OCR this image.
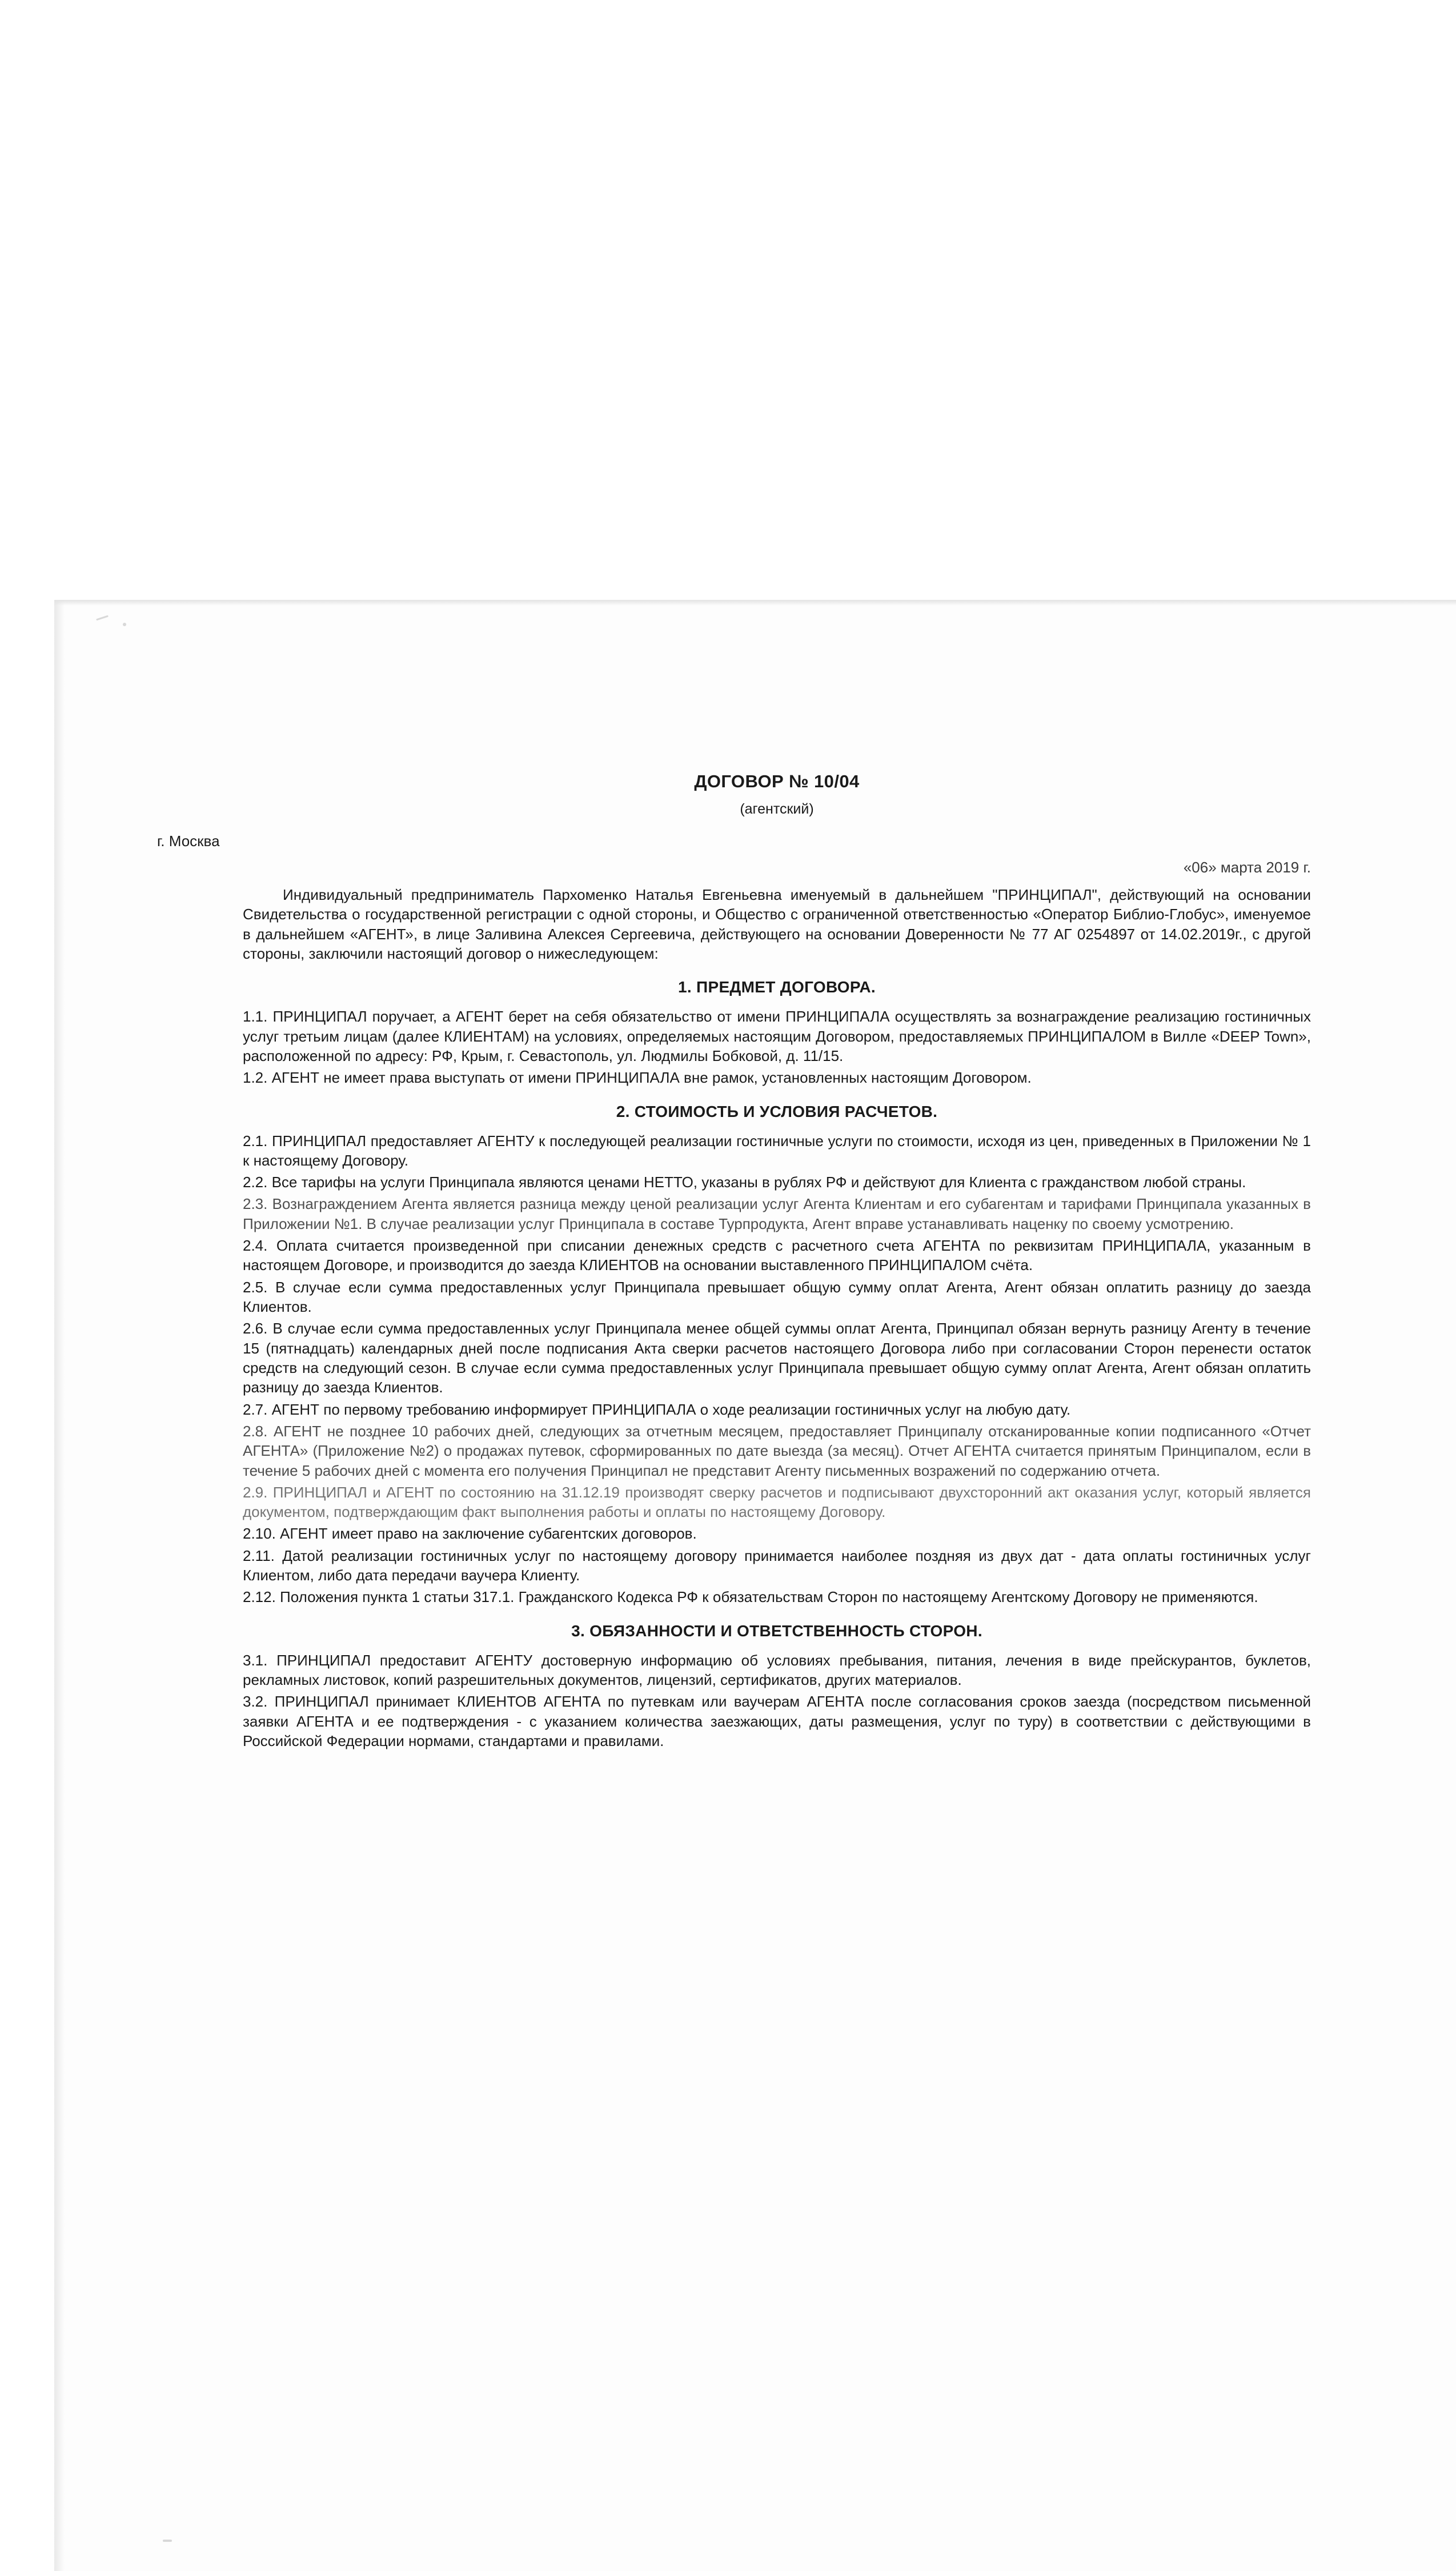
ДОГОВОР № 10/04
(агентский)
г. Москва
«06» марта 2019 г.

Индивидуальный предприниматель Пархоменко Наталья Евгеньевна именуемый в дальнейшем "ПРИНЦИПАЛ", действующий на основании Свидетельства о государственной регистрации с одной стороны, и Общество с ограниченной ответственностью «Оператор Библио-Глобус», именуемое в дальнейшем «АГЕНТ», в лице Заливина Алексея Сергеевича, действующего на основании Доверенности № 77 АГ 0254897 от 14.02.2019г., с другой стороны, заключили настоящий договор о нижеследующем:

1. ПРЕДМЕТ ДОГОВОРА.

1.1. ПРИНЦИПАЛ поручает, а АГЕНТ берет на себя обязательство от имени ПРИНЦИПАЛА осуществлять за вознаграждение реализацию гостиничных услуг третьим лицам (далее КЛИЕНТАМ) на условиях, определяемых настоящим Договором, предоставляемых ПРИНЦИПАЛОМ в Вилле «DEEP Town», расположенной по адресу: РФ, Крым, г. Севастополь, ул. Людмилы Бобковой, д. 11/15.

1.2. АГЕНТ не имеет права выступать от имени ПРИНЦИПАЛА вне рамок, установленных настоящим Договором.

2. СТОИМОСТЬ И УСЛОВИЯ РАСЧЕТОВ.

2.1. ПРИНЦИПАЛ предоставляет АГЕНТУ к последующей реализации гостиничные услуги по стоимости, исходя из цен, приведенных в Приложении № 1 к настоящему Договору.

2.2. Все тарифы на услуги Принципала являются ценами НЕТТО, указаны в рублях РФ и действуют для Клиента с гражданством любой страны.

2.3. Вознаграждением Агента является разница между ценой реализации услуг Агента Клиентам и его субагентам и тарифами Принципала указанных в Приложении №1. В случае реализации услуг Принципала в составе Турпродукта, Агент вправе устанавливать наценку по своему усмотрению.

2.4. Оплата считается произведенной при списании денежных средств с расчетного счета АГЕНТА по реквизитам ПРИНЦИПАЛА, указанным в настоящем Договоре, и производится до заезда КЛИЕНТОВ на основании выставленного ПРИНЦИПАЛОМ счёта.

2.5. В случае если сумма предоставленных услуг Принципала превышает общую сумму оплат Агента, Агент обязан оплатить разницу до заезда Клиентов.

2.6. В случае если сумма предоставленных услуг Принципала менее общей суммы оплат Агента, Принципал обязан вернуть разницу Агенту в течение 15 (пятнадцать) календарных дней после подписания Акта сверки расчетов настоящего Договора либо при согласовании Сторон перенести остаток средств на следующий сезон. В случае если сумма предоставленных услуг Принципала превышает общую сумму оплат Агента, Агент обязан оплатить разницу до заезда Клиентов.

2.7. АГЕНТ по первому требованию информирует ПРИНЦИПАЛА о ходе реализации гостиничных услуг на любую дату.

2.8. АГЕНТ не позднее 10 рабочих дней, следующих за отчетным месяцем, предоставляет Принципалу отсканированные копии подписанного «Отчет АГЕНТА» (Приложение №2) о продажах путевок, сформированных по дате выезда (за месяц). Отчет АГЕНТА считается принятым Принципалом, если в течение 5 рабочих дней с момента его получения Принципал не представит Агенту письменных возражений по содержанию отчета.

2.9. ПРИНЦИПАЛ и АГЕНТ по состоянию на 31.12.19 производят сверку расчетов и подписывают двухсторонний акт оказания услуг, который является документом, подтверждающим факт выполнения работы и оплаты по настоящему Договору.

2.10. АГЕНТ имеет право на заключение субагентских договоров.

2.11. Датой реализации гостиничных услуг по настоящему договору принимается наиболее поздняя из двух дат - дата оплаты гостиничных услуг Клиентом, либо дата передачи ваучера Клиенту.

2.12. Положения пункта 1 статьи 317.1. Гражданского Кодекса РФ к обязательствам Сторон по настоящему Агентскому Договору не применяются.

3. ОБЯЗАННОСТИ И ОТВЕТСТВЕННОСТЬ СТОРОН.

3.1. ПРИНЦИПАЛ предоставит АГЕНТУ достоверную информацию об условиях пребывания, питания, лечения в виде прейскурантов, буклетов, рекламных листовок, копий разрешительных документов, лицензий, сертификатов, других материалов.

3.2. ПРИНЦИПАЛ принимает КЛИЕНТОВ АГЕНТА по путевкам или ваучерам АГЕНТА после согласования сроков заезда (посредством письменной заявки АГЕНТА и ее подтверждения - с указанием количества заезжающих, даты размещения, услуг по туру) в соответствии с действующими в Российской Федерации нормами, стандартами и правилами.
